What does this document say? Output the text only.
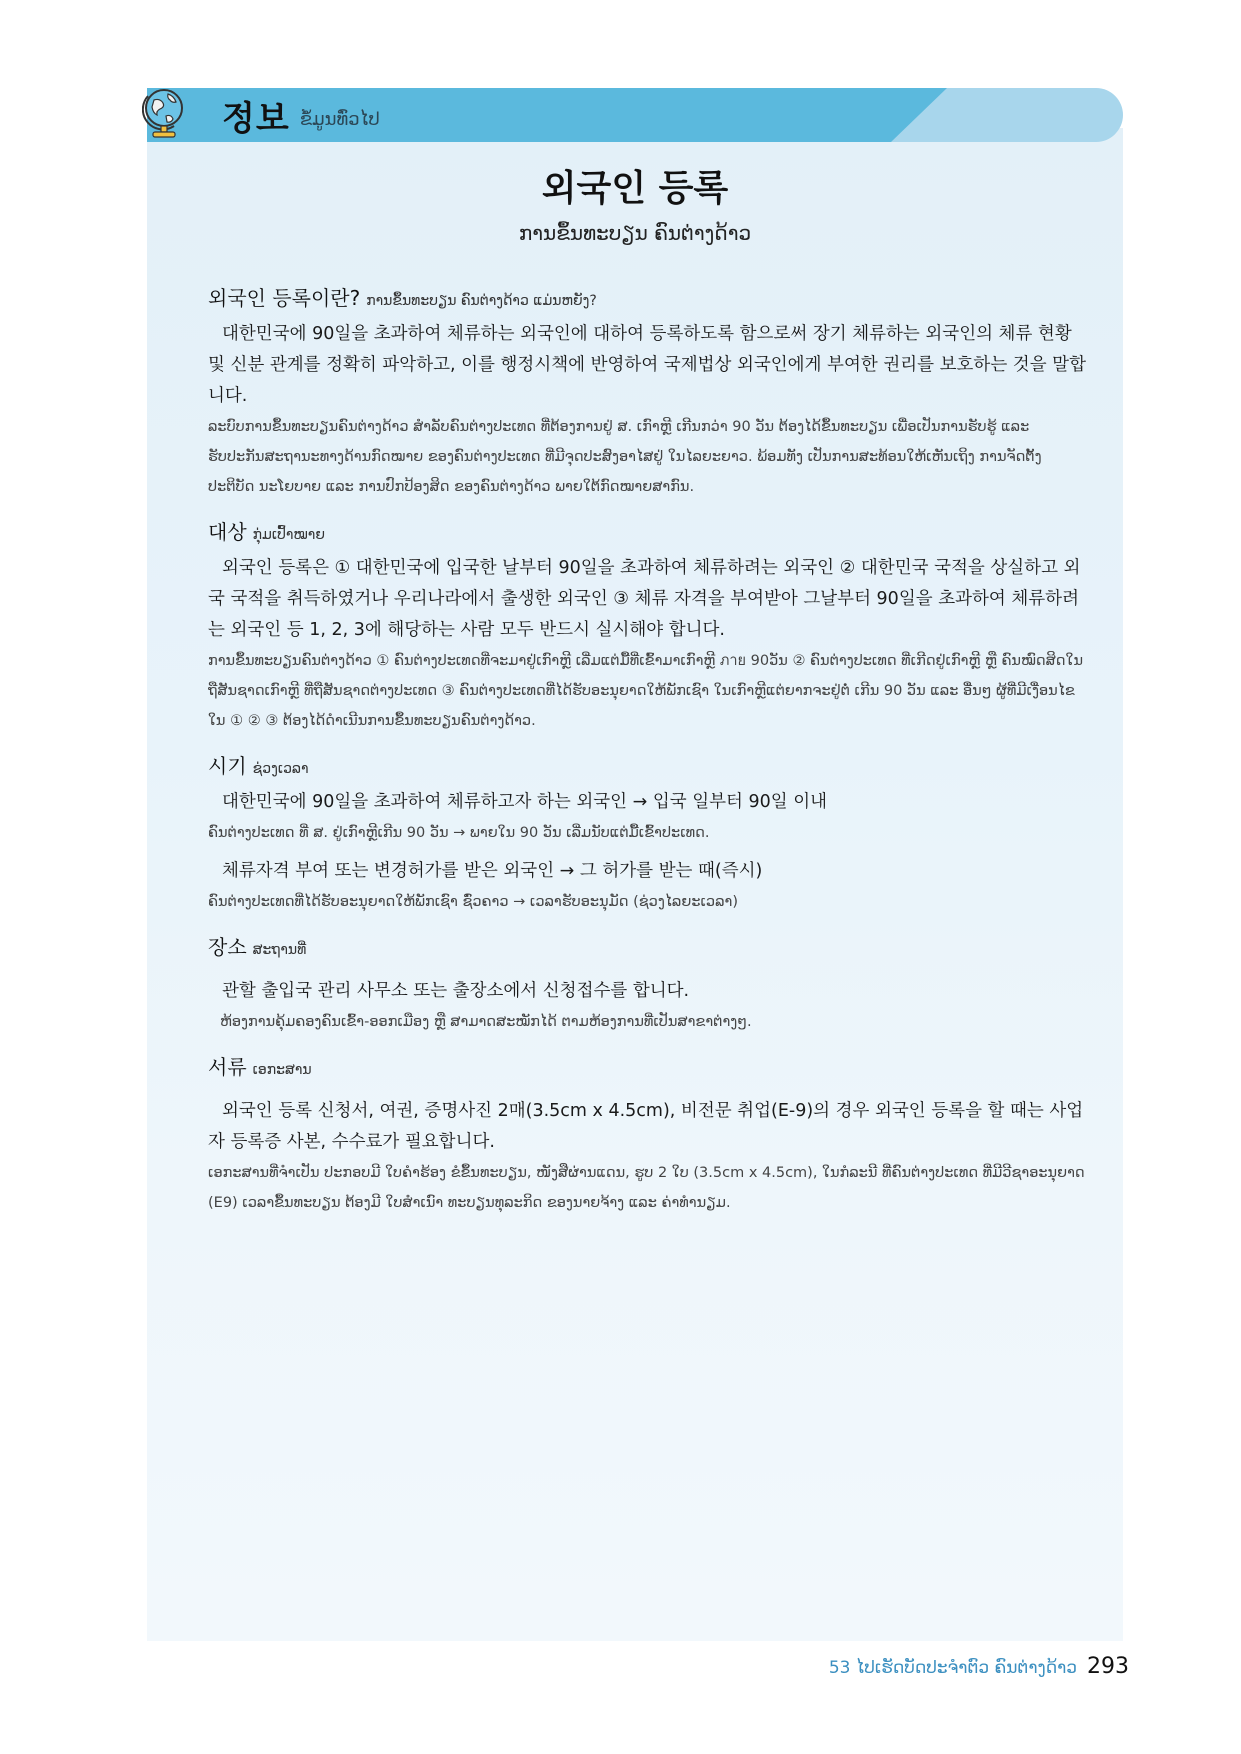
정보 ຂໍ້ມູນທົ່ວໄປ
외국인 등록
ການຂຶ້ນທະບຽນ ຄົນຕ່າງດ້າວ
외국인 등록이란? ການຂຶ້ນທະບຽນ ຄົນຕ່າງດ້າວ ແມ່ນຫຍັງ?

대한민국에 90일을 초과하여 체류하는 외국인에 대하여 등록하도록 함으로써 장기 체류하는 외국인의 체류 현황 및 신분 관계를 정확히 파악하고, 이를 행정시책에 반영하여 국제법상 외국인에게 부여한 권리를 보호하는 것을 말합니다.

ລະບົບການຂຶ້ນທະບຽນຄົນຕ່າງດ້າວ ສຳລັບຄົນຕ່າງປະເທດ ທີ່ຕ້ອງການຢູ່ ສ. ເກົາຫຼີ ເກີນກວ່າ 90 ວັນ ຕ້ອງໄດ້ຂຶ້ນທະບຽນ ເພື່ອເປັນການຮັບຮູ້ ແລະ ຮັບປະກັນສະຖານະທາງດ້ານກົດໝາຍ ຂອງຄົນຕ່າງປະເທດ ທີ່ມີຈຸດປະສົງອາໄສຢູ່ ໃນໄລຍະຍາວ. ພ້ອມທັງ ເປັນການສະທ້ອນໃຫ້ເຫັນເຖິງ ການຈັດຕັ້ງ ປະຕິບັດ ນະໂຍບາຍ ແລະ ການປົກປ້ອງສິດ ຂອງຄົນຕ່າງດ້າວ ພາຍໃຕ້ກົດໝາຍສາກົນ.

대상 ກຸ່ມເປົ້າໝາຍ

외국인 등록은 ① 대한민국에 입국한 날부터 90일을 초과하여 체류하려는 외국인 ② 대한민국 국적을 상실하고 외국 국적을 취득하였거나 우리나라에서 출생한 외국인 ③ 체류 자격을 부여받아 그날부터 90일을 초과하여 체류하려는 외국인 등 1, 2, 3에 해당하는 사람 모두 반드시 실시해야 합니다.

ການຂຶ້ນທະບຽນຄົນຕ່າງດ້າວ ① ຄົນຕ່າງປະເທດທີ່ຈະມາຢູ່ເກົາຫຼີ ເລີ່ມແຕ່ມື້ທີ່ເຂົ້າມາເກົາຫຼີ ภาย 90ວັນ ② ຄົນຕ່າງປະເທດ ທີ່ເກີດຢູ່ເກົາຫຼີ ຫຼື ຄົນໝົດສິດໃນຖືສັນຊາດເກົາຫຼີ ທີ່ຖືສັນຊາດຕ່າງປະເທດ ③ ຄົນຕ່າງປະເທດທີ່ໄດ້ຮັບອະນຸຍາດໃຫ້ພັກເຊົາ ໃນເກົາຫຼີແຕ່ຍາກຈະຢູ່ຕໍ່ ເກີນ 90 ວັນ ແລະ ອື່ນໆ ຜູ້ທີ່ມີເງື່ອນໄຂໃນ ① ② ③ ຕ້ອງໄດ້ດຳເນີນການຂຶ້ນທະບຽນຄົນຕ່າງດ້າວ.

시기 ຊ່ວງເວລາ

대한민국에 90일을 초과하여 체류하고자 하는 외국인 → 입국 일부터 90일 이내

ຄົນຕ່າງປະເທດ ທີ່ ສ. ຢູ່ເກົາຫຼີເກີນ 90 ວັນ → ພາຍໃນ 90 ວັນ ເລີ່ມນັບແຕ່ມື້ເຂົ້າປະເທດ.

체류자격 부여 또는 변경허가를 받은 외국인 → 그 허가를 받는 때(즉시)

ຄົນຕ່າງປະເທດທີ່ໄດ້ຮັບອະນຸຍາດໃຫ້ພັກເຊົາ ຊົ່ວຄາວ → ເວລາຮັບອະນຸມັດ (ຊ່ວງໄລຍະເວລາ)

장소 ສະຖານທີ່

관할 출입국 관리 사무소 또는 출장소에서 신청접수를 합니다.

ຫ້ອງການຄຸ້ມຄອງຄົນເຂົ້າ-ອອກເມືອງ ຫຼື ສາມາດສະໝັກໄດ້ ຕາມຫ້ອງການທີ່ເປັນສາຂາຕ່າງໆ.

서류 ເອກະສານ

외국인 등록 신청서, 여권, 증명사진 2매(3.5cm x 4.5cm), 비전문 취업(E-9)의 경우 외국인 등록을 할 때는 사업자 등록증 사본, 수수료가 필요합니다.

ເອກະສານທີ່ຈຳເປັນ ປະກອບມີ ໃບຄຳຮ້ອງ ຂໍຂຶ້ນທະບຽນ, ໜັງສືຜ່ານແດນ, ຮູບ 2 ໃບ (3.5cm x 4.5cm), ໃນກໍລະນີ ທີ່ຄົນຕ່າງປະເທດ ທີ່ມີວີຊາອະນຸຍາດ (E9) ເວລາຂຶ້ນທະບຽນ ຕ້ອງມີ ໃບສຳເນົາ ທະບຽນທຸລະກິດ ຂອງນາຍຈ້າງ ແລະ ຄ່າທຳນຽມ.

53 ໄປເຮັດບັດປະຈຳຕົວ ຄົນຕ່າງດ້າວ 293
